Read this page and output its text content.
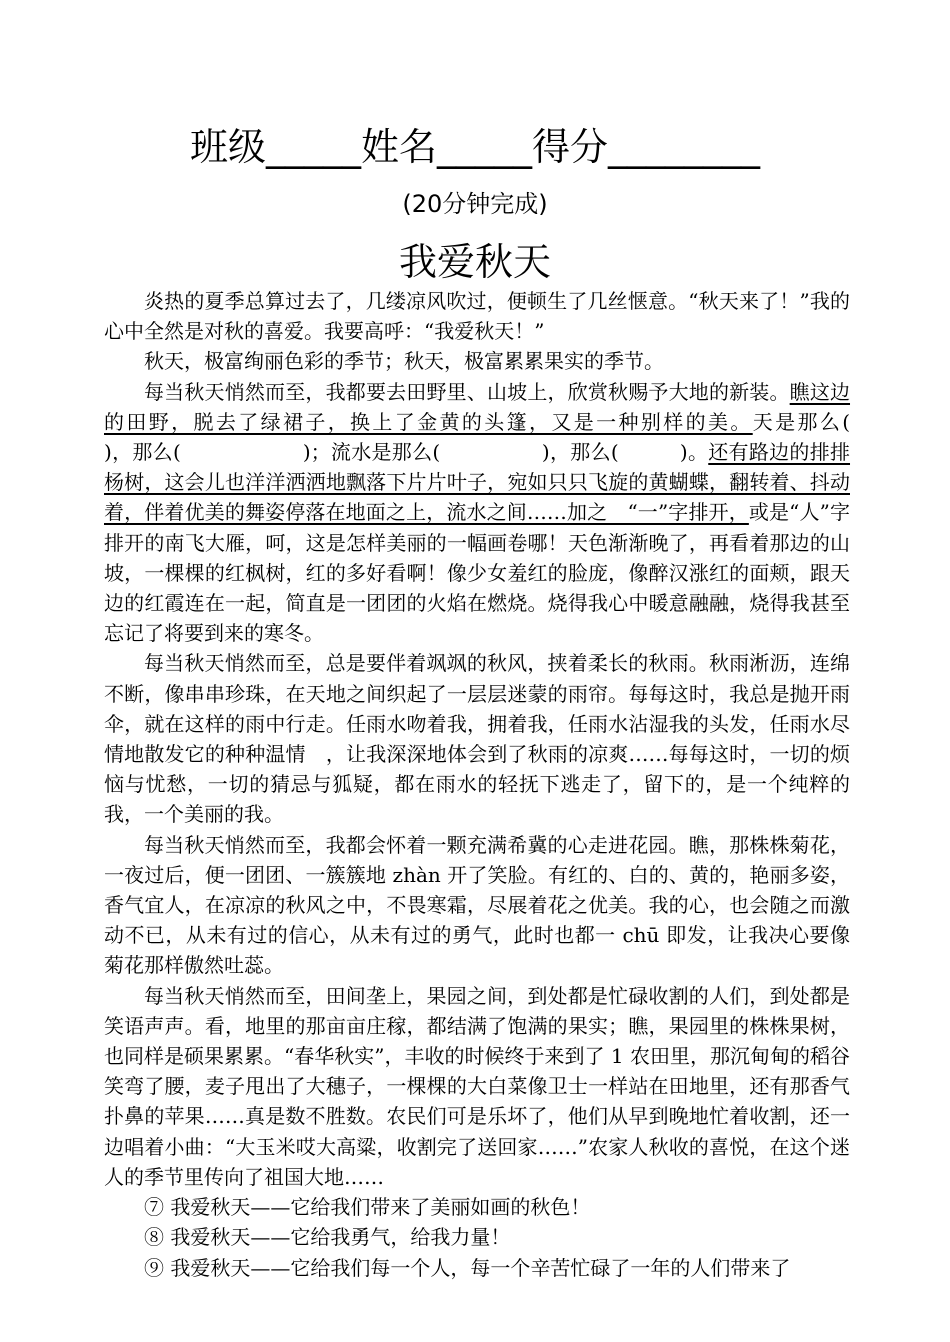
班级_____姓名_____得分________
(20分钟完成)
我爱秋天

炎热的夏季总算过去了，几缕凉风吹过，便顿生了几丝惬意。“秋天来了！”我的心中全然是对秋的喜爱。我要高呼：“我爱秋天！”

秋天，极富绚丽色彩的季节；秋天，极富累累果实的季节。

每当秋天悄然而至，我都要去田野里、山坡上，欣赏秋赐予大地的新装。瞧这边的田野，脱去了绿裙子，换上了金黄的头篷，又是一种别样的美。天是那么(　　　　)，那么(　　　　　　)；流水是那么(　　　　　)，那么(　　　)。还有路边的排排杨树，这会儿也洋洋洒洒地飘落下片片叶子，宛如只只飞旋的黄蝴蝶，翻转着、抖动着，伴着优美的舞姿停落在地面之上，流水之间……加之　“一”字排开，或是“人”字排开的南飞大雁，呵，这是怎样美丽的一幅画卷哪！天色渐渐晚了，再看着那边的山坡，一棵棵的红枫树，红的多好看啊！像少女羞红的脸庞，像醉汉涨红的面颊，跟天边的红霞连在一起，简直是一团团的火焰在燃烧。烧得我心中暖意融融，烧得我甚至忘记了将要到来的寒冬。

每当秋天悄然而至，总是要伴着飒飒的秋风，挟着柔长的秋雨。秋雨淅沥，连绵不断，像串串珍珠，在天地之间织起了一层层迷蒙的雨帘。每每这时，我总是抛开雨伞，就在这样的雨中行走。任雨水吻着我，拥着我，任雨水沾湿我的头发，任雨水尽情地散发它的种种温情　，让我深深地体会到了秋雨的凉爽……每每这时，一切的烦恼与忧愁，一切的猜忌与狐疑，都在雨水的轻抚下逃走了，留下的，是一个纯粹的我，一个美丽的我。

每当秋天悄然而至，我都会怀着一颗充满希冀的心走进花园。瞧，那株株菊花，一夜过后，便一团团、一簇簇地 zhàn 开了笑脸。有红的、白的、黄的，艳丽多姿，香气宜人，在凉凉的秋风之中，不畏寒霜，尽展着花之优美。我的心，也会随之而激动不已，从未有过的信心，从未有过的勇气，此时也都一 chū 即发，让我决心要像菊花那样傲然吐蕊。

每当秋天悄然而至，田间垄上，果园之间，到处都是忙碌收割的人们，到处都是笑语声声。看，地里的那亩亩庄稼，都结满了饱满的果实；瞧，果园里的株株果树，也同样是硕果累累。“春华秋实”，丰收的时候终于来到了 1 农田里，那沉甸甸的稻谷笑弯了腰，麦子甩出了大穗子，一棵棵的大白菜像卫士一样站在田地里，还有那香气扑鼻的苹果……真是数不胜数。农民们可是乐坏了，他们从早到晚地忙着收割，还一边唱着小曲：“大玉米哎大高粱，收割完了送回家……”农家人秋收的喜悦，在这个迷人的季节里传向了祖国大地……

⑦ 我爱秋天——它给我们带来了美丽如画的秋色！

⑧ 我爱秋天——它给我勇气，给我力量！

⑨ 我爱秋天——它给我们每一个人，每一个辛苦忙碌了一年的人们带来了
